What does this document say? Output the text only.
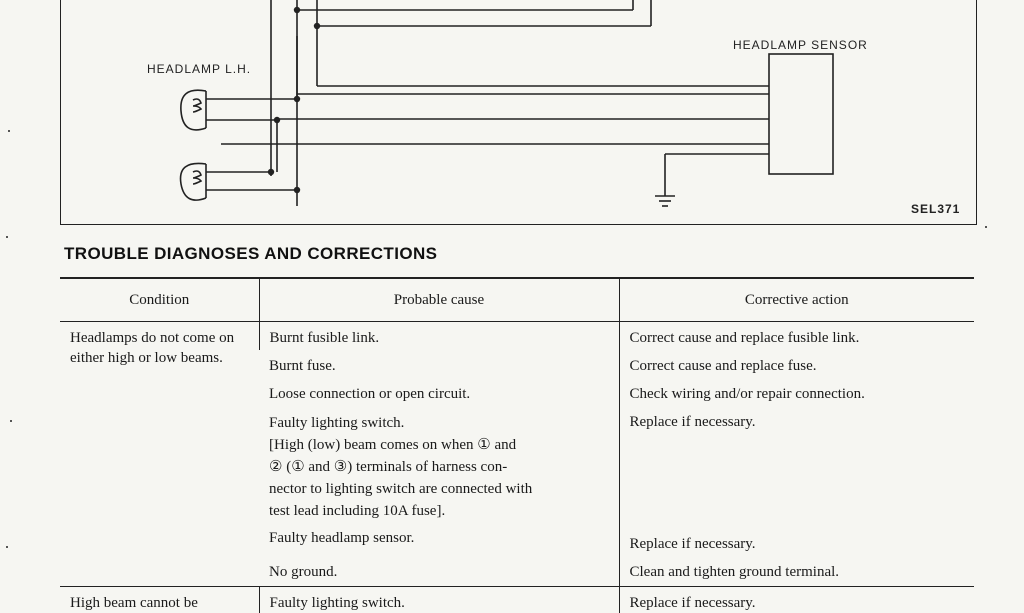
HEADLAMP L.H.
HEADLAMP SENSOR
SEL371
TROUBLE DIAGNOSES AND CORRECTIONS
Condition	Probable cause	Corrective action
Headlamps do not come on either high or low beams.	Burnt fusible link.	Correct cause and replace fusible link.
	Burnt fuse.	Correct cause and replace fuse.
	Loose connection or open circuit.	Check wiring and/or repair connection.

	Faulty lighting switch.
[High (low) beam comes on when ① and
② (① and ③) terminals of harness con-
nector to lighting switch are connected with
test lead including 10A fuse].	Replace if necessary.
	Faulty headlamp sensor.	Replace if necessary.
	No ground.	Clean and tighten ground terminal.
High beam cannot be	Faulty lighting switch.	Replace if necessary.
